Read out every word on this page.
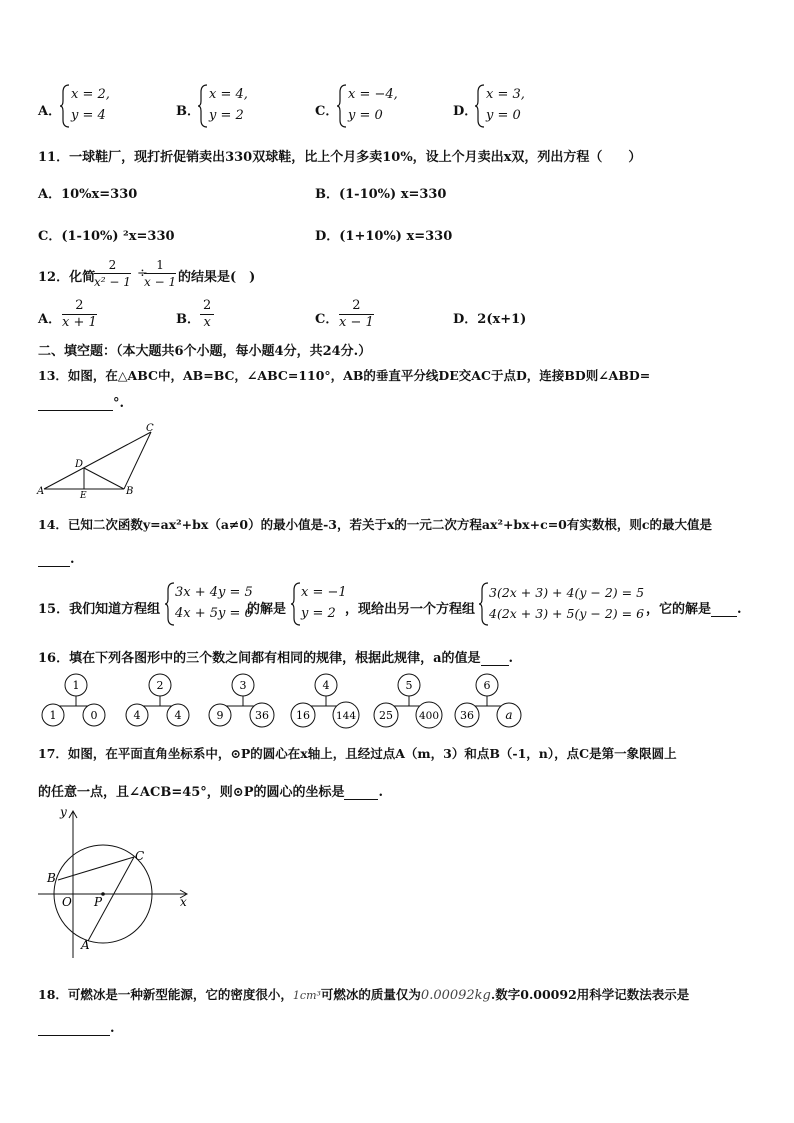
A．
x = 2,
y = 4	B．
x = 4,
y = 2	C．
x = −4,
y = 0	D．
x = 3,
y = 0
11．一球鞋厂，现打折促销卖出330双球鞋，比上个月多卖10%，设上个月卖出x双，列出方程（　　）
A．10%x=330	B．(1-10%) x=330
C．(1-10%) ²x=330	D．(1+10%) x=330
12．化简
$\frac{2}{\text{x² − 1}}$ ÷
$\frac{1}{x - 1}$ 的结果是(　)
A． $\frac{2}{x + 1}$	B． $\frac{2}{x}$	C． $\frac{2}{x - 1}$	D．2(x+1)
二、填空题：（本大题共6个小题，每小题4分，共24分.）
13．如图，在△ABC中，AB=BC，∠ABC=110°，AB的垂直平分线DE交AC于点D，连接BD则∠ABD=
°.
A	B
C
D
E
14．已知二次函数y=ax²+bx（a≠0）的最小值是-3，若关于x的一元二次方程ax²+bx+c=0有实数根，则c的最大值是
.
15．我们知道方程组
3x + 4y = 5
4x + 5y = 6
的解是
x = −1
y = 2 ，现给出另一个方程组
3(2x + 3) + 4(y − 2) = 5
4(2x + 3) + 5(y − 2) = 6 ，它的解是 .
16．填在下列各图形中的三个数之间都有相同的规律，根据此规律，a的值是 .
1
1	0
2
4	4
3
9	36
4
16 144
5
25 400
6
36	a
17．如图，在平面直角坐标系中，⊙P的圆心在x轴上，且经过点A（m，3）和点B（-1，n），点C是第一象限圆上
的任意一点，且∠ACB=45°，则⊙P的圆心的坐标是	.
y
x
O P
B
C
A
18．可燃冰是一种新型能源，它的密度很小，1cm³可燃冰的质量仅为0.00092kg.数字0.00092用科学记数法表示是
.
